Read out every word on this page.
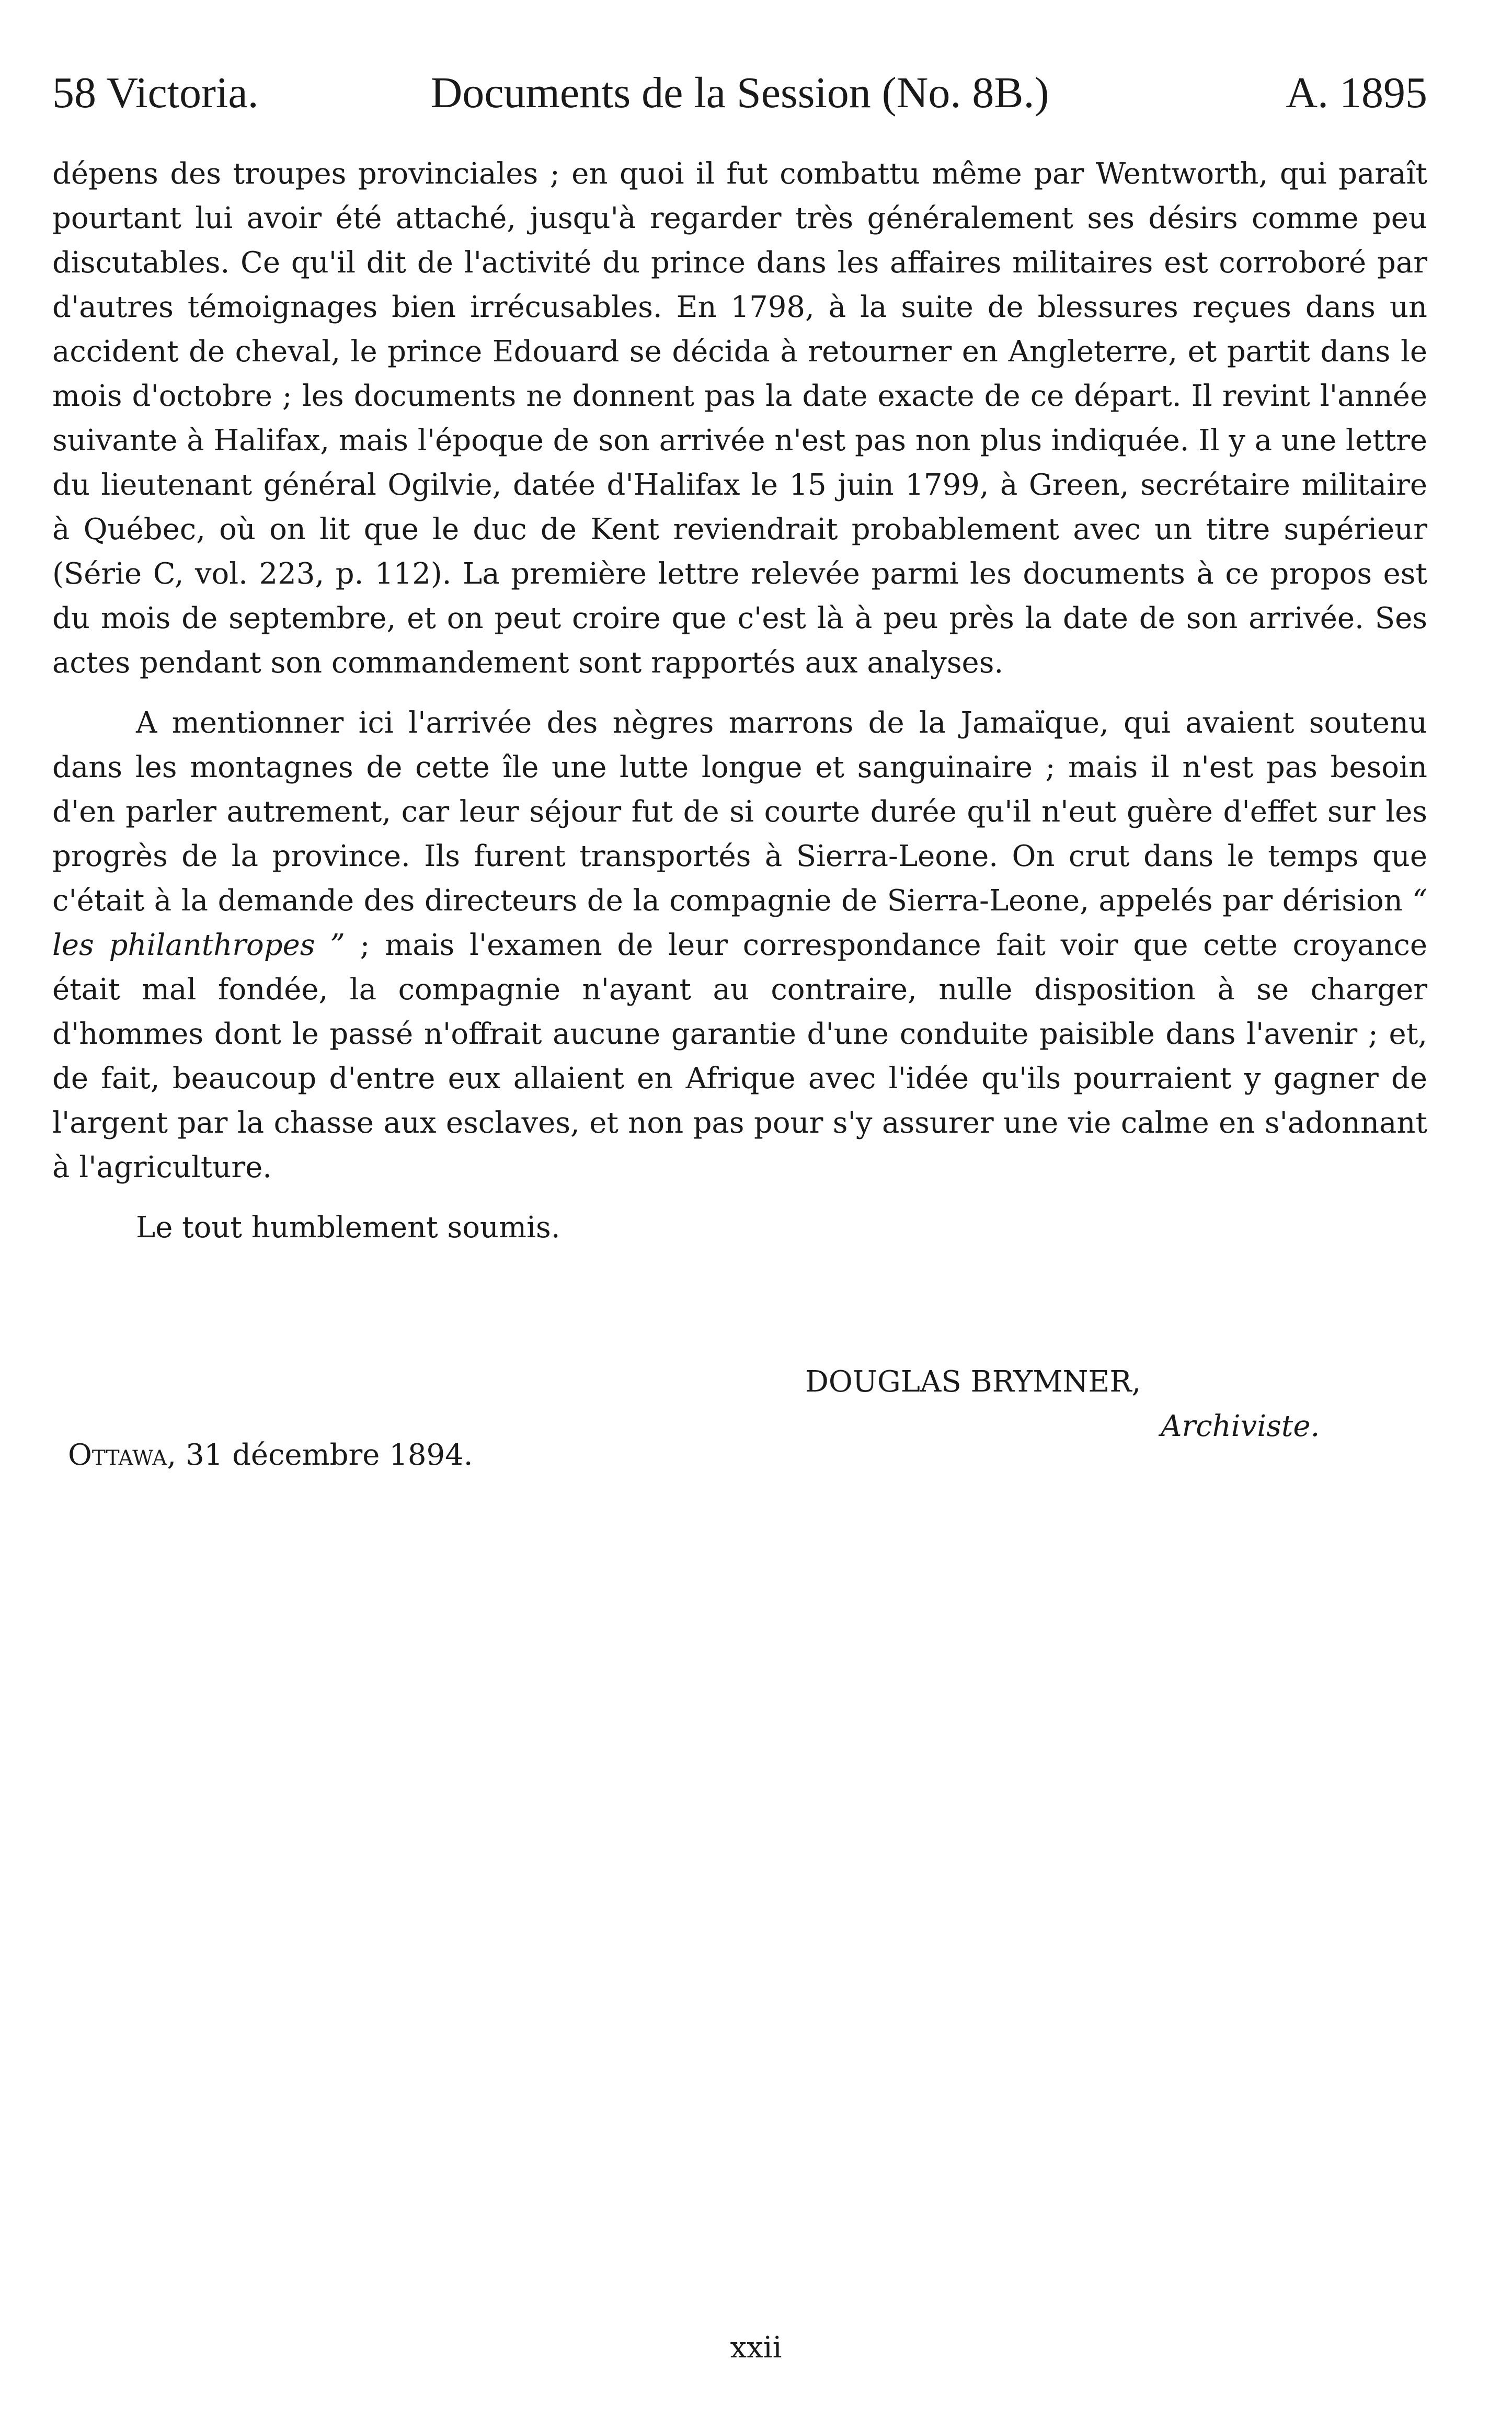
58 Victoria.	Documents de la Session (No. 8B.)	A. 1895

dépens des troupes provinciales ; en quoi il fut combattu même par Wentworth, qui paraît pourtant lui avoir été attaché, jusqu'à regarder très généralement ses désirs comme peu discutables. Ce qu'il dit de l'activité du prince dans les affaires militaires est corroboré par d'autres témoignages bien irrécusables. En 1798, à la suite de blessures reçues dans un accident de cheval, le prince Edouard se décida à retourner en Angleterre, et partit dans le mois d'octobre ; les documents ne donnent pas la date exacte de ce départ. Il revint l'année suivante à Halifax, mais l'époque de son arrivée n'est pas non plus indiquée. Il y a une lettre du lieutenant général Ogilvie, datée d'Halifax le 15 juin 1799, à Green, secrétaire militaire à Québec, où on lit que le duc de Kent reviendrait probablement avec un titre supérieur (Série C, vol. 223, p. 112). La première lettre relevée parmi les documents à ce propos est du mois de septembre, et on peut croire que c'est là à peu près la date de son arrivée. Ses actes pendant son commandement sont rapportés aux analyses.

A mentionner ici l'arrivée des nègres marrons de la Jamaïque, qui avaient soutenu dans les montagnes de cette île une lutte longue et sanguinaire ; mais il n'est pas besoin d'en parler autrement, car leur séjour fut de si courte durée qu'il n'eut guère d'effet sur les progrès de la province. Ils furent transportés à Sierra-Leone. On crut dans le temps que c'était à la demande des directeurs de la compagnie de Sierra-Leone, appelés par dérision “ les philanthropes ” ; mais l'examen de leur correspondance fait voir que cette croyance était mal fondée, la compagnie n'ayant au contraire, nulle disposition à se charger d'hommes dont le passé n'offrait aucune garantie d'une conduite paisible dans l'avenir ; et, de fait, beaucoup d'entre eux allaient en Afrique avec l'idée qu'ils pourraient y gagner de l'argent par la chasse aux esclaves, et non pas pour s'y assurer une vie calme en s'adonnant à l'agriculture.

Le tout humblement soumis.

DOUGLAS BRYMNER,
Archiviste.
Ottawa, 31 décembre 1894.
xxii
